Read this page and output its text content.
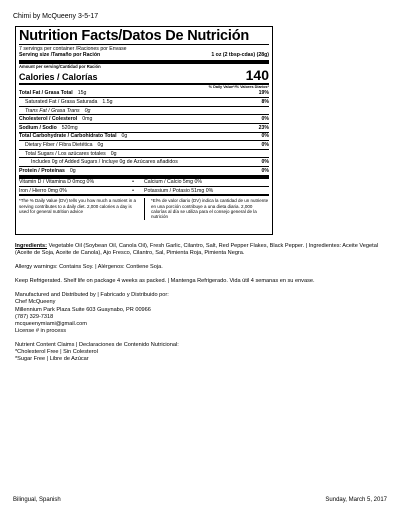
Chimi by McQueeny 3-5-17
Nutrition Facts/Datos De Nutrición
7 servings per container /Raciones por Envase
Serving size /Tamaño por Ración	1 oz (2 tbsp-cdas) (28g)
Amount per serving/Cantidad por Ración
Calories / Calorías	140
% Daily Value*/% Valores Diarios*
Total Fat / Grasa Total 15g	19%
Saturated Fat / Grasa Saturada 1.5g	8%
Trans Fat / Grasa Trans 0g
Cholesterol / Colesterol 0mg	0%
Sodium / Sodio 520mg	23%
Total Carbohydrate / Carbohidrato Total 0g	0%
Dietary Fiber / Fibra Dietética 0g	0%
Total Sugars / Los azúcares totales 0g
Includes 0g of Added Sugars / Incluye 0g de Azúcares añadidos	0%
Protein / Proteínas 0g	0%
Vitamin D / Vitamina D 0mcg 0%	• Calcium / Calcio 5mg 0%
Iron / Hierro 0mg 0%	• Potassium / Potasio 51mg 0%
*The % Daily Value (DV) tells you how much a nutrient in a serving contributes to a daily diet. 2,000 calories a day is used for general nutrition advice
*El% de valor diario (DV) indica la cantidad de un nutriente en una porción contribuye a una dieta diaria. 2,000 calorías al día se utiliza para el consejo general de la nutrición

Ingredients: Vegetable Oil (Soybean Oil, Canola Oil), Fresh Garlic, Cilantro, Salt, Red Pepper Flakes, Black Pepper. | Ingredientes: Aceite Vegetal (Aceite de Soja, Aceite de Canola), Ajo Fresco, Cilantro, Sal, Pimienta Roja, Pimienta Negra.

Allergy warnings: Contains Soy. | Alérgenos: Contiene Soja.

Keep Refrigerated. Shelf life on package 4 weeks as packed. | Mantenga Refrigerado. Vida útil 4 semanas en su envase.

Manufactured and Distributed by | Fabricado y Distribuido por:
Chef McQueeny
Millennium Park Plaza Suite 603 Guaynabo, PR 00966
(787) 329-7318
mcqueenymiami@gmail.com
License # in process

Nutrient Content Claims | Declaraciones de Contenido Nutricional:
*Cholesterol Free | Sin Colesterol
*Sugar Free | Libre de Azúcar

Bilingual, Spanish	Sunday, March 5, 2017
